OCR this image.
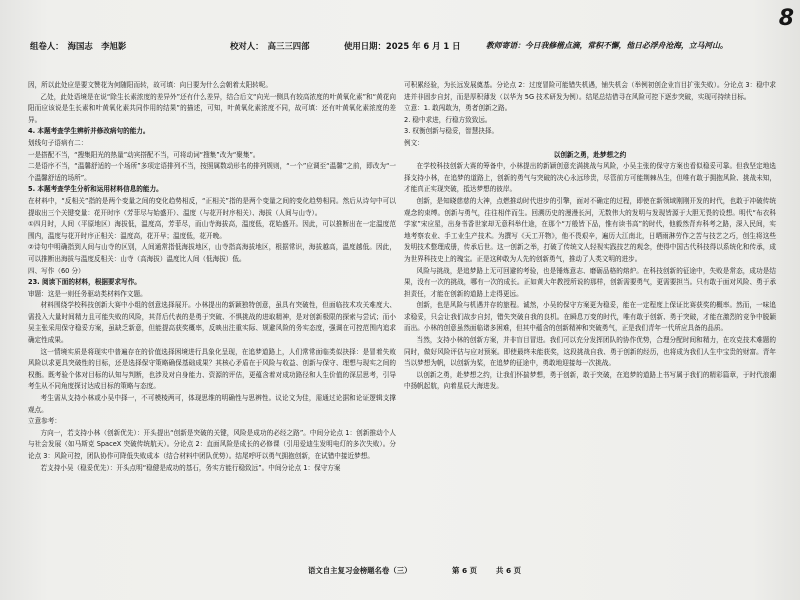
组卷人：　海国志　李旭影	校对人：　高三三四部	使用日期：2025 年 6 月 1 日	教师寄语：今日我修楷点滴，常积不懈，他日必浮舟沧海，立马河山。
8

因，所以此处应是要文赞花为何随阳而转，故可填：向日要为什么会朝着太阳转呢。

乙处，此处语境是在说“除生长素浓度的差异外”还有什么差异，结合后文“向光一侧具有较高浓度的叶黄氧化素”和“黄花向阳而应该说是生长素和叶黄氧化素共同作用的结果”的描述，可知，叶黄氧化素浓度不同，故可填：还有叶黄氧化素浓度的差异。

4. 本题考查学生辨析并修改病句的能力。

划线句子语病有二：

一是搭配不当，“搜集阳光的热量”动宾搭配不当，可将动词“搜集”改为“聚集”。

二是语序不当，“温馨舒适的一个场所”多项定语排列不当，按照属数动形名的排列规则，“一个”应调至“温馨”之前，即改为“一个温馨舒适的场所”。

5. 本题考查学生分析和运用材料信息的能力。

在材料中，“反相关”指的是两个变量之间的变化趋势相反，“正相关”指的是两个变量之间的变化趋势相同。然后从诗句中可以提取出三个关键变量：花开时序（芳菲尽与始盛开）、温度（与花开时序相关）、海拔（人间与山寺）。

①四月时，人间（平原地区）海拔低，温度高，芳菲尽，而山寺海拔高，温度低，花始盛开。因此，可以推断出在一定温度范围内，温度与花开时序正相关：温度高，花开早；温度低，花开晚。

②诗句中明确指到人间与山寺的区别，人间通常指低海拔地区，山寺指高海拔地区，根据常识，海拔越高，温度越低。因此，可以推断出海拔与温度反相关：山寺（高海拔）温度比人间（低海拔）低。

四、写作（60 分）

23. 阅读下面的材料，根据要求写作。

审题：这是一则任务驱动类材料作文题。

材料围绕学校科技创新大赛中小组的创意选择展开。小林提出的新颖独特创意，虽具有突破性，但面临技术攻关难度大、需投入大量时间精力且可能失败的风险，其背后代表的是勇于突破、不惧挑战的进取精神，是对创新极限的探索与尝试；而小吴主张采用保守稳妥方案，虽缺乏新意，但能提高获奖概率，反映出注重实际、规避风险的务实态度，强调在可控范围内追求确定性成果。

这一情境实质是将现实中普遍存在的价值选择困境进行具象化呈现，在追梦道路上，人们常常面临类似抉择：是冒着失败风险以求更具突破性的目标，还是选择保守策略确保基础成果？其核心矛盾在于风险与收益、创新与保守、理想与现实之间的权衡。既考验个体对目标的认知与判断，也涉及对自身能力、资源的评估，更蕴含着对成功路径和人生价值的深层思考，引导考生从不同角度探讨达成目标的策略与态度。

考生需从支持小林或小吴中择一，不可模棱两可，体现思维的明确性与思辨性。议论文为佳，需通过论据和论证逻辑支撑观点。

立意参考：

方向一，若支持小林（创新优先）：开头提出“创新是突破的关键，风险是成功的必经之路”。中间分论点 1：创新推动个人与社会发展（如马斯克 SpaceX 突破传统航天）。分论点 2：直面风险是成长的必修课（引用爱迪生发明电灯的多次失败）。分论点 3：风险可控，团队协作可降低失败成本（结合材料中团队优势）。结尾呼吁以勇气拥抱创新，在试错中接近梦想。

若支持小吴（稳妥优先）：开头点明“稳健是成功的基石，务实方能行稳致远”。中间分论点 1：保守方案

可积累经验，为长远发展奠基。分论点 2：过度冒险可能错失机遇，铺失机会（举例初创企业盲目扩张失败）。分论点 3：稳中求进并非固步自封，而是厚积薄发（以华为 5G 技术研发为例）。结尾总结借寻在风险可控下逐步突破，实现可持续目标。

立意：1. 敢闯敢为，勇者创新之路。

2. 稳中求进，行稳方致致远。

3. 权衡创新与稳妥，智慧抉择。

例文：

以创新之勇，赴梦想之约

在学校科技创新大赛的筹备中，小林提出的新颖创意充满挑战与风险，小吴主张的保守方案也看似稳妥可靠。但我坚定地选择支持小林，在追梦的道路上，创新的勇气与突破的决心永远珍贵，尽管前方可能荆棘丛生，但唯有敢于拥抱风险、挑战未知，才能真正实现突破，抵达梦想的彼岸。

创新，是知晓慈慈的大神，点燃推动时代进步的引擎，面对不确定的过程，即使在新领域刚刚开发的时代，也敢于冲破传统观念的束缚。创新与勇气，往往相伴而生。回溯历史的漫漫长河，无数伟大的发明与发现皆源于大胆无畏的设想。明代“布衣科学家”宋应星，出身书香世家却无意科举仕途，在那个“万般皆下品，惟有读书高”的时代，他毅然背弃科考之路，深入民间，实地考察农业、手工业生产技术。为撰写《天工开物》，他不畏艰辛，遍历大江南北，日晒雨淋劳作之苦与技艺之巧，创生将这些发明技术整理成册，传承后世。这一创新之举，打破了传统文人轻视实践技艺的观念，使得中国古代科技得以系统化和传承，成为世界科技史上的瑰宝。正是这种敢为人先的创新勇气，推动了人类文明的进步。

风险与挑战，是追梦路上无可回避的考验，也是锤炼意志、磨砺品格的熔炉。在科技创新的征途中，失败是常态，成功是结果，没有一次的挑战，哪有一次的成长。正如黄大年教授所说的那样，创新需要勇气，更需要担当。只有敢于面对风险、勇于承担责任，才能在创新的道路上走得更远。

创新，也是风险与机遇并存的旅程。诚然，小吴的保守方案更为稳妥，能在一定程度上保证比赛获奖的概率。然而，一味追求稳妥，只会让我们故步自封，错失突破自我的良机。在瞬息万变的时代，唯有敢于创新、勇于突破，才能在激烈的竞争中脱颖而出。小林的创意虽然面临诸多困难，但其中蕴含的创新精神和突破勇气，正是我们青年一代所应具备的品质。

当然，支持小林的创新方案，并非盲目冒进。我们可以充分发挥团队的协作优势，合理分配时间和精力，在攻克技术难题的同时，做好风险评估与应对预案。即使最终未能获奖，这段挑战自我、勇于创新的经历，也将成为我们人生中宝贵的财富。青年当以梦想为帆，以创新为桨，在追梦的征途中，勇敢地迎接每一次挑战。

以创新之勇，赴梦想之约，让我们怀揣梦想，勇于创新，敢于突破，在追梦的道路上书写属于我们的精彩篇章，于时代浪潮中扬帆起航，向着星辰大海进发。

语文自主复习金榜题名卷（三）	第 6 页	共 6 页
